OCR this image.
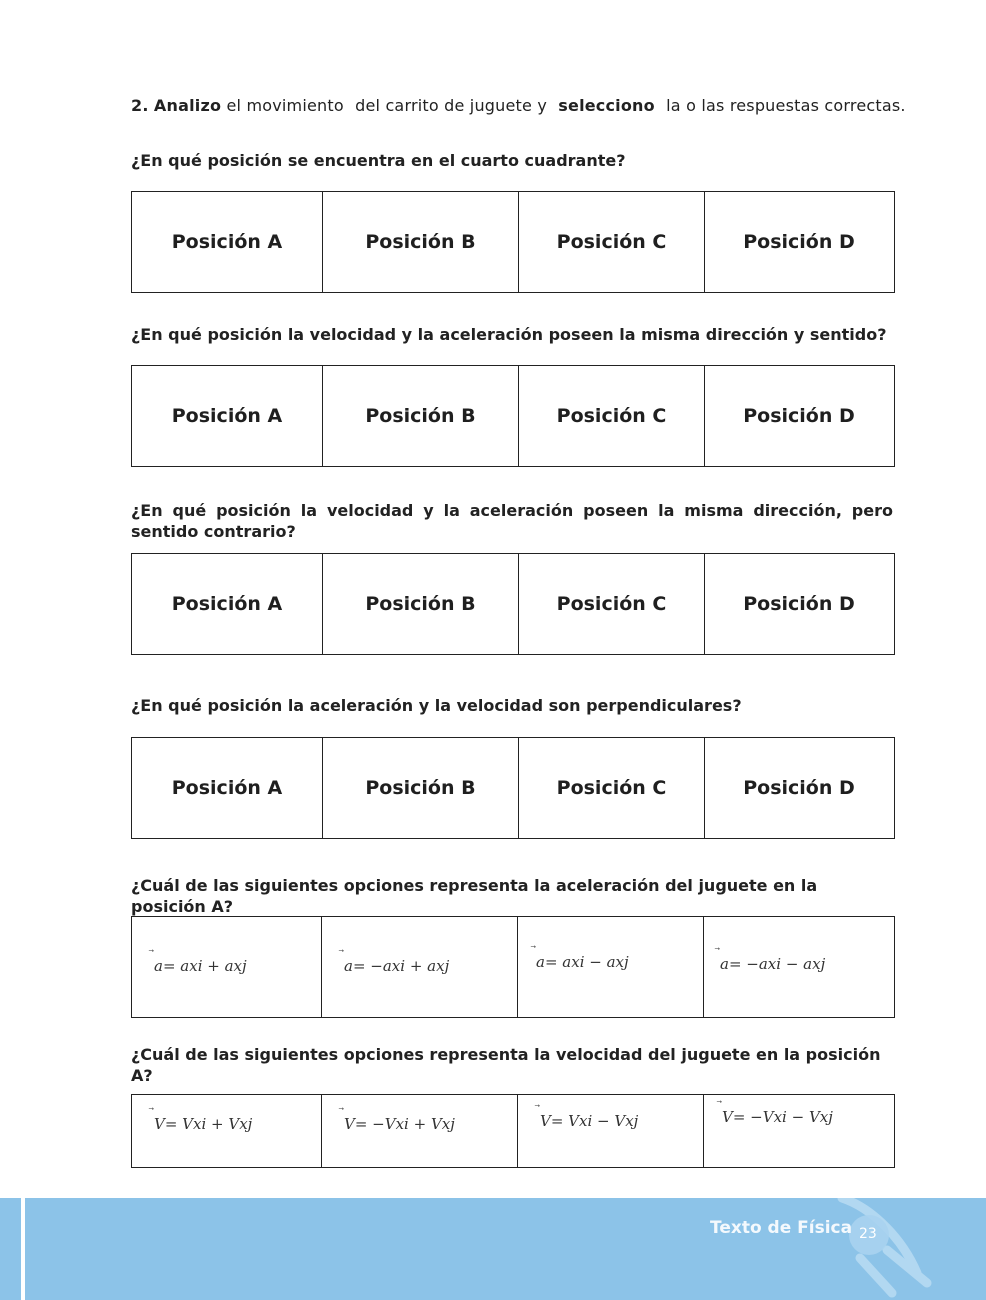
2. Analizo el movimiento del carrito de juguete y selecciono la o las respuestas correctas.
¿En qué posición se encuentra en el cuarto cuadrante?
Posición A	Posición B	Posición C	Posición D
¿En qué posición la velocidad y la aceleración poseen la misma dirección y sentido?
Posición A	Posición B	Posición C	Posición D
¿En qué posición la velocidad y la aceleración poseen la misma dirección, pero sentido contrario?
Posición A	Posición B	Posición C	Posición D
¿En qué posición la aceleración y la velocidad son perpendiculares?
Posición A	Posición B	Posición C	Posición D
¿Cuál de las siguientes opciones representa la aceleración del juguete en la posición A?
a = axi + axj	a = −axi + axj	a = axi − axj	a = −axi − axj
¿Cuál de las siguientes opciones representa la velocidad del juguete en la posición A?
V = Vxi + Vxj	V = −Vxi + Vxj	V = Vxi − Vxj	V = −Vxi − Vxj
Texto de Física 23
